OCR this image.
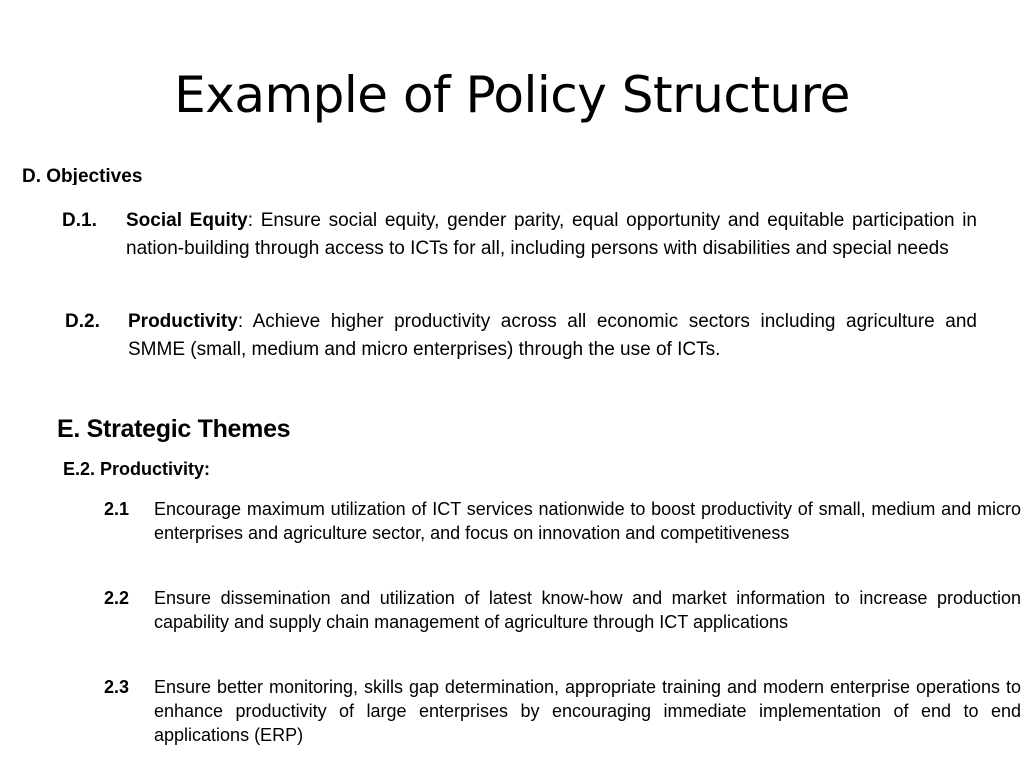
Example of Policy Structure
D. Objectives
D.1.	Social Equity: Ensure social equity, gender parity, equal opportunity and equitable participation in nation-building through access to ICTs for all, including persons with disabilities and special needs
D.2.	Productivity: Achieve higher productivity across all economic sectors including agriculture and SMME (small, medium and micro enterprises) through the use of ICTs.
E. Strategic Themes
E.2. Productivity:
2.1	Encourage maximum utilization of ICT services nationwide to boost productivity of small, medium and micro enterprises and agriculture sector, and focus on innovation and competitiveness
2.2	Ensure dissemination and utilization of latest know-how and market information to increase production capability and supply chain management of agriculture through ICT applications
2.3	Ensure better monitoring, skills gap determination, appropriate training and modern enterprise operations to enhance productivity of large enterprises by encouraging immediate implementation of end to end applications (ERP)
